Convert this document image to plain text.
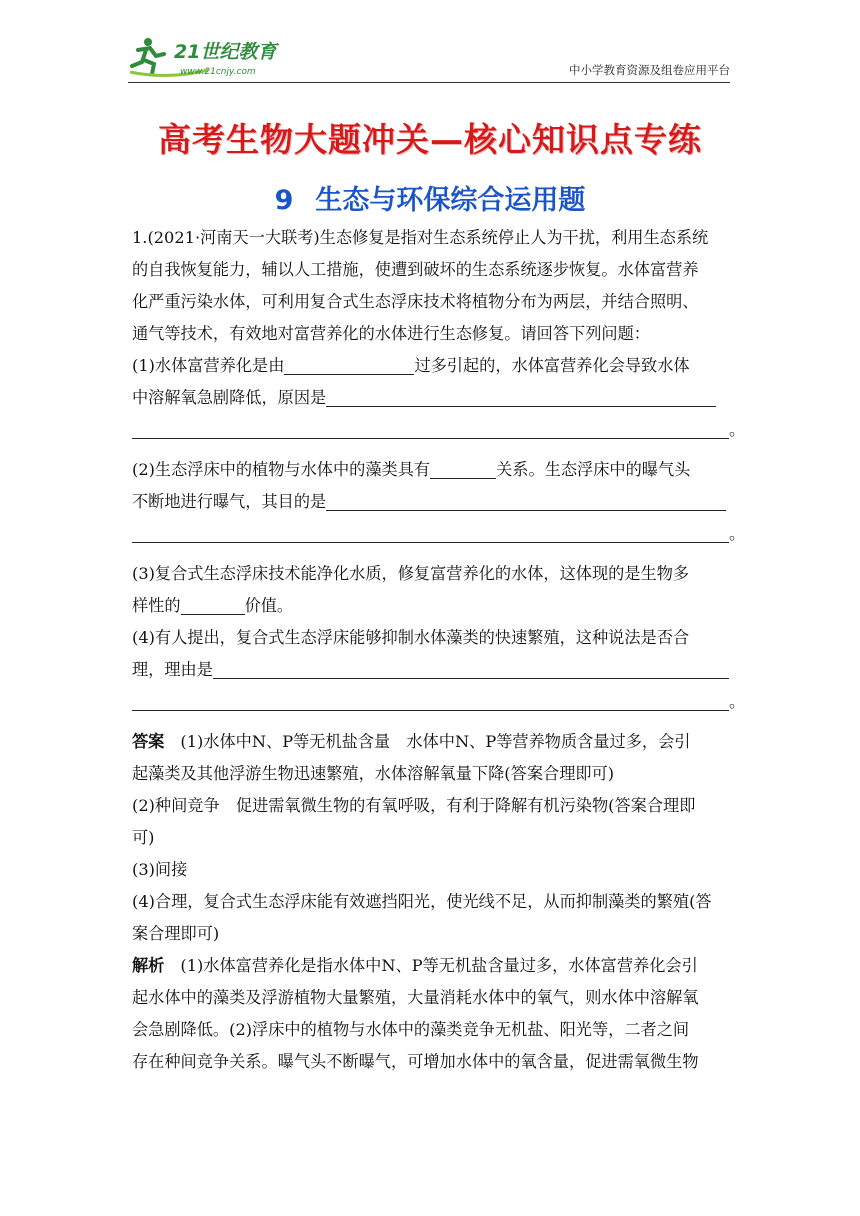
21世纪教育
www.21cnjy.com	中小学教育资源及组卷应用平台
高考生物大题冲关—核心知识点专练
9 生态与环保综合运用题
1.(2021·河南天一大联考)生态修复是指对生态系统停止人为干扰，利用生态系统
的自我恢复能力，辅以人工措施，使遭到破坏的生态系统逐步恢复。水体富营养
化严重污染水体，可利用复合式生态浮床技术将植物分布为两层，并结合照明、
通气等技术，有效地对富营养化的水体进行生态修复。请回答下列问题：
(1)水体富营养化是由	过多引起的，水体富营养化会导致水体
中溶解氧急剧降低，原因是
。
(2)生态浮床中的植物与水体中的藻类具有	关系。生态浮床中的曝气头
不断地进行曝气，其目的是
。
(3)复合式生态浮床技术能净化水质，修复富营养化的水体，这体现的是生物多
样性的	价值。
(4)有人提出，复合式生态浮床能够抑制水体藻类的快速繁殖，这种说法是否合
理，理由是
。
答案 (1)水体中N、P等无机盐含量　水体中N、P等营养物质含量过多，会引
起藻类及其他浮游生物迅速繁殖，水体溶解氧量下降(答案合理即可)
(2)种间竞争　促进需氧微生物的有氧呼吸，有利于降解有机污染物(答案合理即
可)
(3)间接
(4)合理，复合式生态浮床能有效遮挡阳光，使光线不足，从而抑制藻类的繁殖(答
案合理即可)
解析 (1)水体富营养化是指水体中N、P等无机盐含量过多，水体富营养化会引
起水体中的藻类及浮游植物大量繁殖，大量消耗水体中的氧气，则水体中溶解氧
会急剧降低。(2)浮床中的植物与水体中的藻类竞争无机盐、阳光等，二者之间
存在种间竞争关系。曝气头不断曝气，可增加水体中的氧含量，促进需氧微生物
